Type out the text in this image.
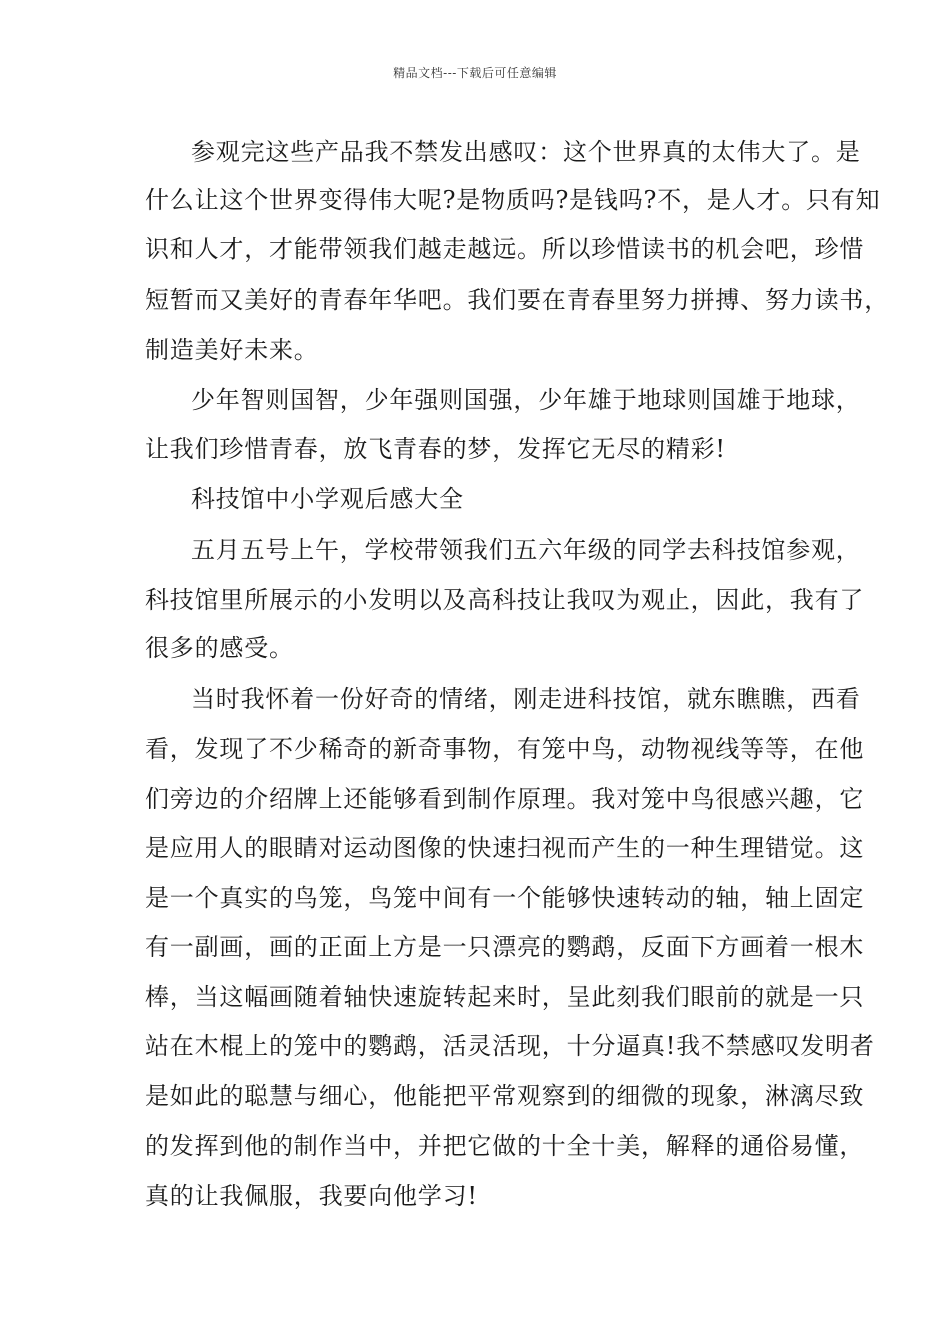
精品文档---下载后可任意编辑
参观完这些产品我不禁发出感叹：这个世界真的太伟大了。是
什么让这个世界变得伟大呢?是物质吗?是钱吗?不，是人才。只有知
识和人才，才能带领我们越走越远。所以珍惜读书的机会吧，珍惜
短暂而又美好的青春年华吧。我们要在青春里努力拼搏、努力读书，
制造美好未来。
少年智则国智，少年强则国强，少年雄于地球则国雄于地球，
让我们珍惜青春，放飞青春的梦，发挥它无尽的精彩!
科技馆中小学观后感大全
五月五号上午，学校带领我们五六年级的同学去科技馆参观，
科技馆里所展示的小发明以及高科技让我叹为观止，因此，我有了
很多的感受。
当时我怀着一份好奇的情绪，刚走进科技馆，就东瞧瞧，西看
看，发现了不少稀奇的新奇事物，有笼中鸟，动物视线等等，在他
们旁边的介绍牌上还能够看到制作原理。我对笼中鸟很感兴趣，它
是应用人的眼睛对运动图像的快速扫视而产生的一种生理错觉。这
是一个真实的鸟笼，鸟笼中间有一个能够快速转动的轴，轴上固定
有一副画，画的正面上方是一只漂亮的鹦鹉，反面下方画着一根木
棒，当这幅画随着轴快速旋转起来时，呈此刻我们眼前的就是一只
站在木棍上的笼中的鹦鹉，活灵活现，十分逼真!我不禁感叹发明者
是如此的聪慧与细心，他能把平常观察到的细微的现象，淋漓尽致
的发挥到他的制作当中，并把它做的十全十美，解释的通俗易懂，
真的让我佩服，我要向他学习!
